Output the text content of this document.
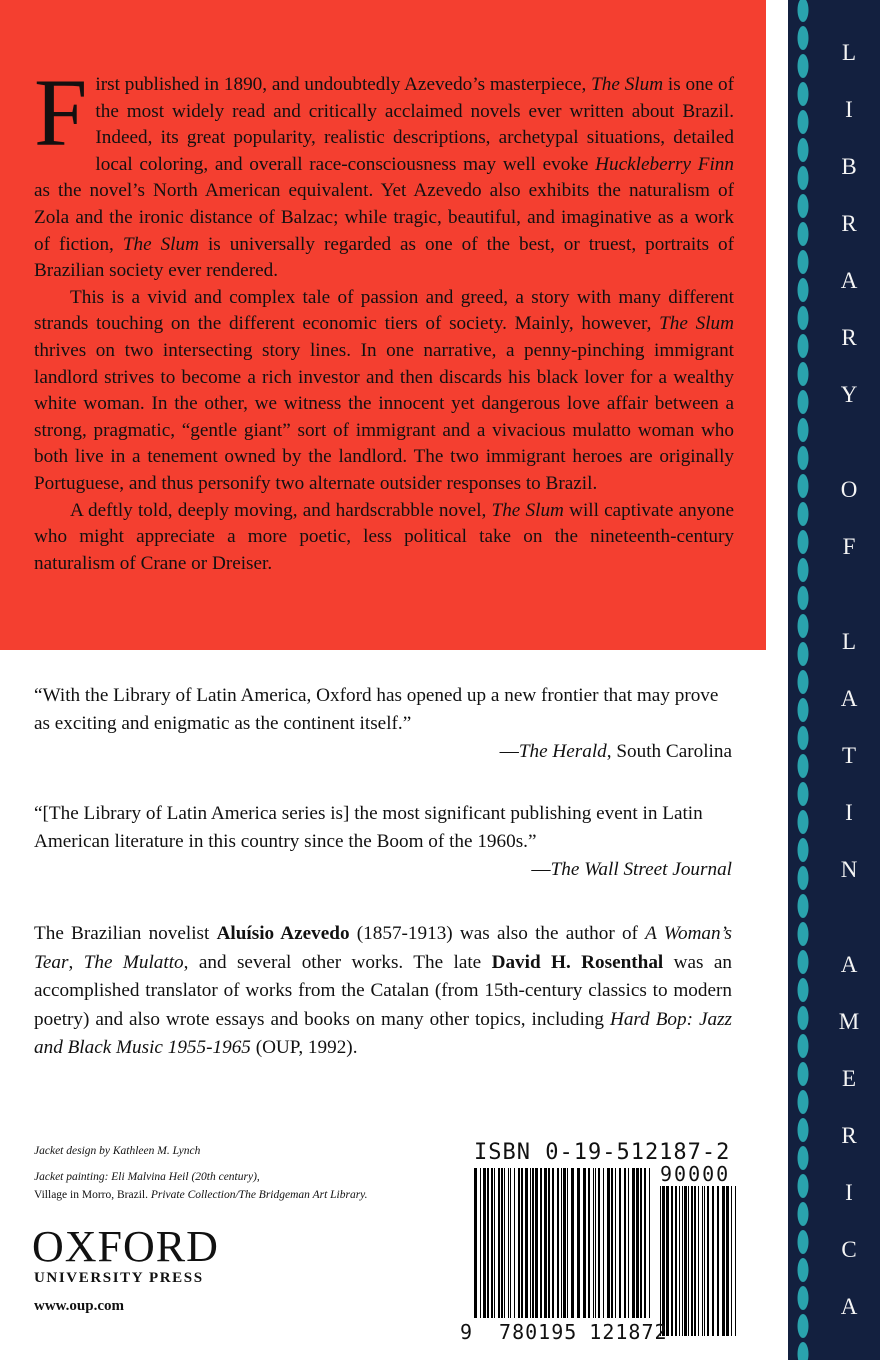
First published in 1890, and undoubtedly Azevedo’s masterpiece, The Slum is one of the most widely read and critically acclaimed novels ever written about Brazil. Indeed, its great popularity, realistic descriptions, archetypal situations, detailed local coloring, and overall race-consciousness may well evoke Huckleberry Finn as the novel’s North American equivalent. Yet Azevedo also exhibits the naturalism of Zola and the ironic distance of Balzac; while tragic, beautiful, and imaginative as a work of fiction, The Slum is universally regarded as one of the best, or truest, portraits of Brazilian society ever rendered.

This is a vivid and complex tale of passion and greed, a story with many different strands touching on the different economic tiers of society. Mainly, however, The Slum thrives on two intersecting story lines. In one narrative, a penny-pinching immigrant landlord strives to become a rich investor and then discards his black lover for a wealthy white woman. In the other, we witness the innocent yet dangerous love affair between a strong, pragmatic, “gentle giant” sort of immigrant and a vivacious mulatto woman who both live in a tenement owned by the landlord. The two immigrant heroes are originally Portuguese, and thus personify two alternate outsider responses to Brazil.

A deftly told, deeply moving, and hardscrabble novel, The Slum will captivate anyone who might appreciate a more poetic, less political take on the nineteenth-century naturalism of Crane or Dreiser.

“With the Library of Latin America, Oxford has opened up a new frontier that may prove as exciting and enigmatic as the continent itself.”
—The Herald, South Carolina
“[The Library of Latin America series is] the most significant publishing event in Latin American literature in this country since the Boom of the 1960s.”
—The Wall Street Journal
The Brazilian novelist Aluísio Azevedo (1857-1913) was also the author of A Woman’s Tear, The Mulatto, and several other works. The late David H. Rosenthal was an accomplished translator of works from the Catalan (from 15th-century classics to modern poetry) and also wrote essays and books on many other topics, including Hard Bop: Jazz and Black Music 1955-1965 (OUP, 1992).
Jacket design by Kathleen M. Lynch
Jacket painting: Eli Malvina Heil (20th century),
Village in Morro, Brazil. Private Collection/The Bridgeman Art Library.
OXFORD
UNIVERSITY PRESS
www.oup.com
ISBN 0-19-512187-2
90000
9 780195 121872
L
I
B
R
A
R
Y
O
F
L
A
T
I
N
A
M
E
R
I
C
A
